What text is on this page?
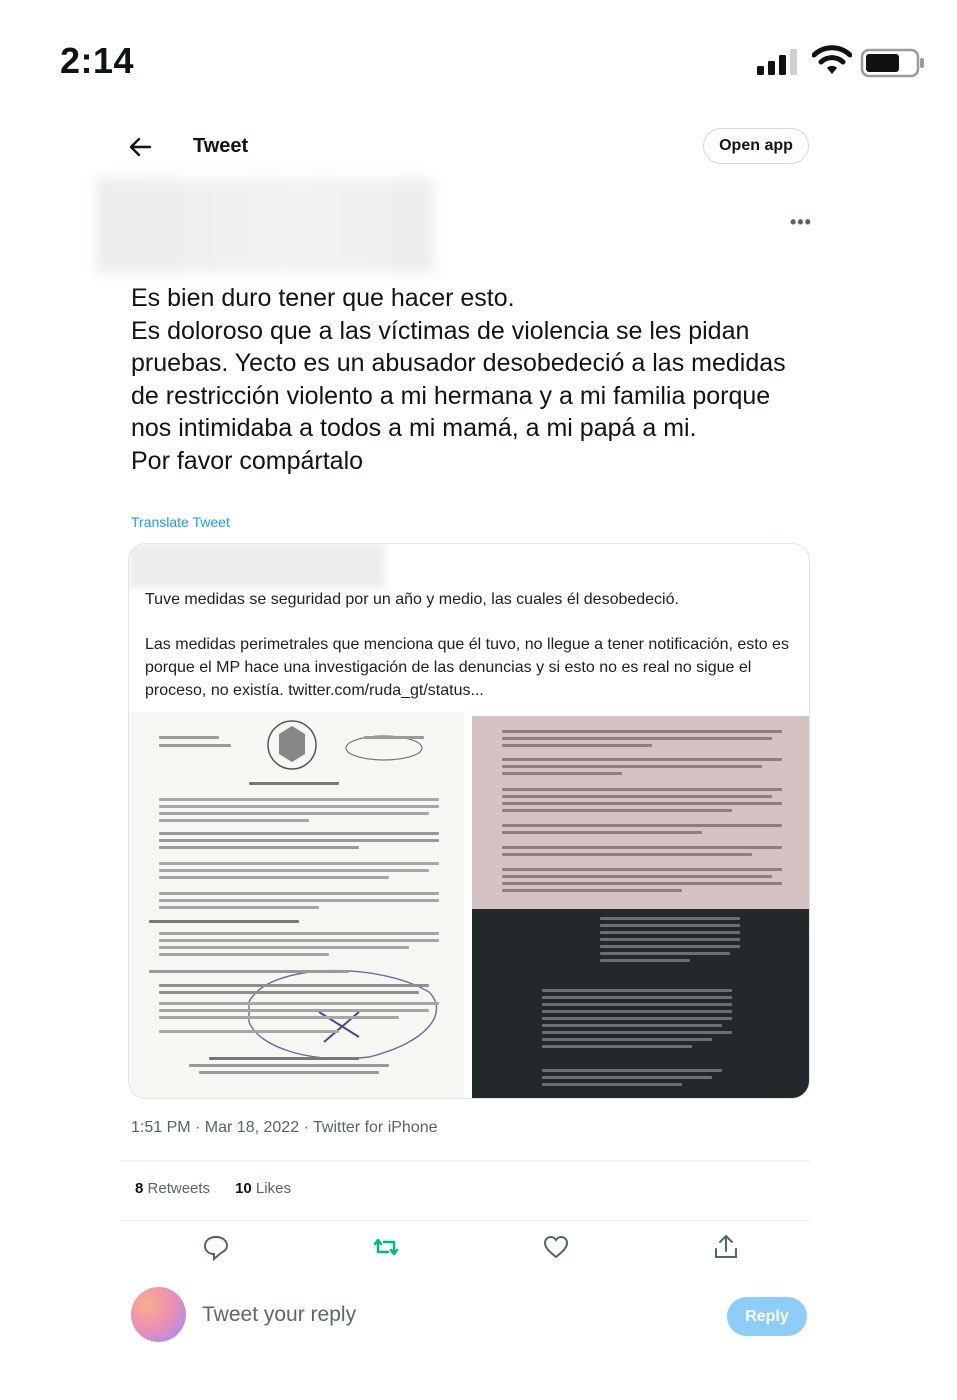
2:14
Tweet	Open app
•••
Es bien duro tener que hacer esto.
Es doloroso que a las víctimas de violencia se les pidan pruebas. Yecto es un abusador desobedeció a las medidas de restricción violento a mi hermana y a mi familia porque nos intimidaba a todos a mi mamá, a mi papá a mi.
Por favor compártalo
Translate Tweet

Tuve medidas se seguridad por un año y medio, las cuales él desobedeció.

Las medidas perimetrales que menciona que él tuvo, no llegue a tener notificación, esto es porque el MP hace una investigación de las denuncias y si esto no es real no sigue el proceso, no existía. twitter.com/ruda_gt/status...

1:51 PM · Mar 18, 2022 · Twitter for iPhone
8 Retweets 10 Likes
Tweet your reply
Reply
